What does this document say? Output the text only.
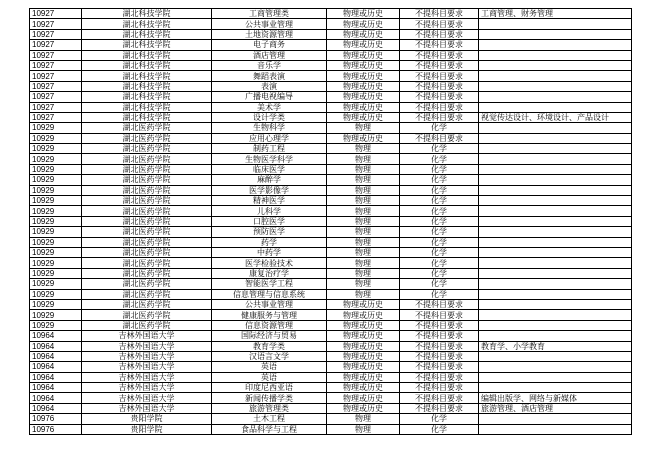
10927	湖北科技学院	工商管理类	物理或历史	不提科目要求	工商管理、财务管理
10927	湖北科技学院	公共事业管理	物理或历史	不提科目要求	
10927	湖北科技学院	土地资源管理	物理或历史	不提科目要求	
10927	湖北科技学院	电子商务	物理或历史	不提科目要求	
10927	湖北科技学院	酒店管理	物理或历史	不提科目要求	
10927	湖北科技学院	音乐学	物理或历史	不提科目要求	
10927	湖北科技学院	舞蹈表演	物理或历史	不提科目要求	
10927	湖北科技学院	表演	物理或历史	不提科目要求	
10927	湖北科技学院	广播电视编导	物理或历史	不提科目要求	
10927	湖北科技学院	美术学	物理或历史	不提科目要求	
10927	湖北科技学院	设计学类	物理或历史	不提科目要求	视觉传达设计、环境设计、产品设计
10929	湖北医药学院	生物科学	物理	化学	
10929	湖北医药学院	应用心理学	物理或历史	不提科目要求	
10929	湖北医药学院	制药工程	物理	化学	
10929	湖北医药学院	生物医学科学	物理	化学	
10929	湖北医药学院	临床医学	物理	化学	
10929	湖北医药学院	麻醉学	物理	化学	
10929	湖北医药学院	医学影像学	物理	化学	
10929	湖北医药学院	精神医学	物理	化学	
10929	湖北医药学院	儿科学	物理	化学	
10929	湖北医药学院	口腔医学	物理	化学	
10929	湖北医药学院	预防医学	物理	化学	
10929	湖北医药学院	药学	物理	化学	
10929	湖北医药学院	中药学	物理	化学	
10929	湖北医药学院	医学检验技术	物理	化学	
10929	湖北医药学院	康复治疗学	物理	化学	
10929	湖北医药学院	智能医学工程	物理	化学	
10929	湖北医药学院	信息管理与信息系统	物理	化学	
10929	湖北医药学院	公共事业管理	物理或历史	不提科目要求	
10929	湖北医药学院	健康服务与管理	物理或历史	不提科目要求	
10929	湖北医药学院	信息资源管理	物理或历史	不提科目要求	
10964	吉林外国语大学	国际经济与贸易	物理或历史	不提科目要求	
10964	吉林外国语大学	教育学类	物理或历史	不提科目要求	教育学、小学教育
10964	吉林外国语大学	汉语言文学	物理或历史	不提科目要求	
10964	吉林外国语大学	英语	物理或历史	不提科目要求	
10964	吉林外国语大学	英语	物理或历史	不提科目要求	
10964	吉林外国语大学	印度尼西亚语	物理或历史	不提科目要求	
10964	吉林外国语大学	新闻传播学类	物理或历史	不提科目要求	编辑出版学、网络与新媒体
10964	吉林外国语大学	旅游管理类	物理或历史	不提科目要求	旅游管理、酒店管理
10976	贵阳学院	土木工程	物理	化学	
10976	贵阳学院	食品科学与工程	物理	化学	
